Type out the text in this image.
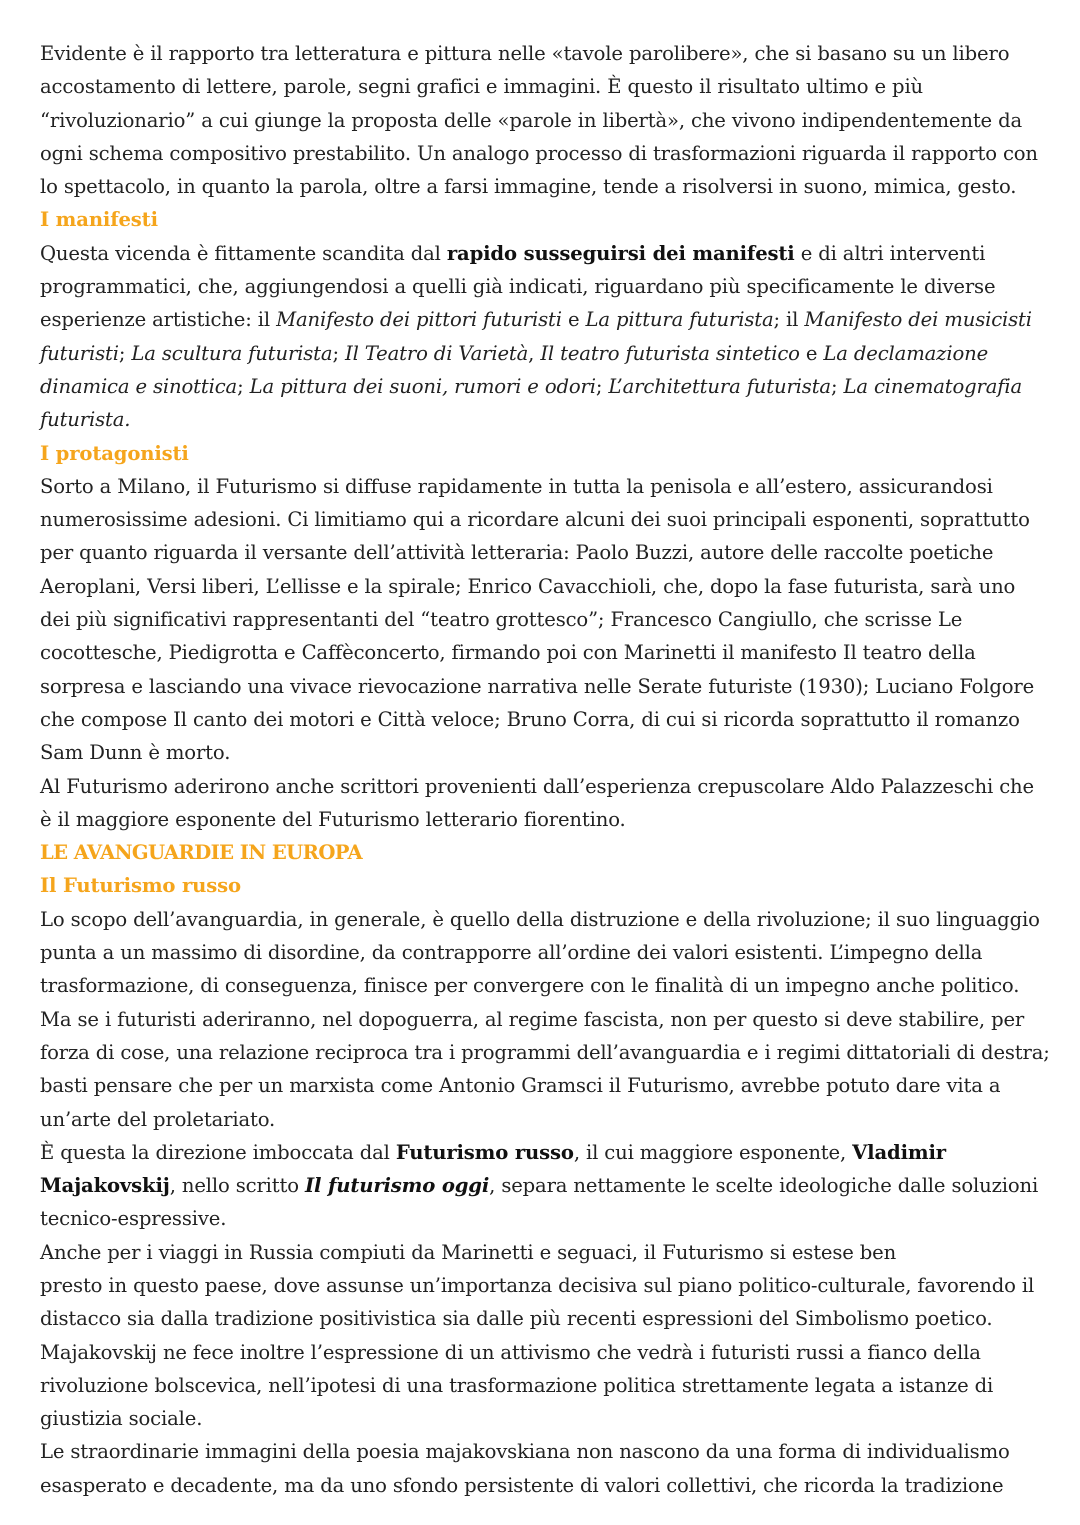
Evidente è il rapporto tra letteratura e pittura nelle «tavole parolibere», che si basano su un libero accostamento di lettere, parole, segni grafici e immagini. È questo il risultato ultimo e più “rivoluzionario” a cui giunge la proposta delle «parole in libertà», che vivono indipendentemente da ogni schema compositivo prestabilito. Un analogo processo di trasformazioni riguarda il rapporto con lo spettacolo, in quanto la parola, oltre a farsi immagine, tende a risolversi in suono, mimica, gesto.

I manifesti

Questa vicenda è fittamente scandita dal rapido susseguirsi dei manifesti e di altri interventi programmatici, che, aggiungendosi a quelli già indicati, riguardano più specificamente le diverse esperienze artistiche: il Manifesto dei pittori futuristi e La pittura futurista; il Manifesto dei musicisti futuristi; La scultura futurista; Il Teatro di Varietà, Il teatro futurista sintetico e La declamazione dinamica e sinottica; La pittura dei suoni, rumori e odori; L’architettura futurista; La cinematografia futurista.

I protagonisti

Sorto a Milano, il Futurismo si diffuse rapidamente in tutta la penisola e all’estero, assicurandosi numerosissime adesioni. Ci limitiamo qui a ricordare alcuni dei suoi principali esponenti, soprattutto per quanto riguarda il versante dell’attività letteraria: Paolo Buzzi, autore delle raccolte poetiche Aeroplani, Versi liberi, L’ellisse e la spirale; Enrico Cavacchioli, che, dopo la fase futurista, sarà uno dei più significativi rappresentanti del “teatro grottesco”; Francesco Cangiullo, che scrisse Le cocottesche, Piedigrotta e Caffèconcerto, firmando poi con Marinetti il manifesto Il teatro della sorpresa e lasciando una vivace rievocazione narrativa nelle Serate futuriste (1930); Luciano Folgore che compose Il canto dei motori e Città veloce; Bruno Corra, di cui si ricorda soprattutto il romanzo Sam Dunn è morto.

Al Futurismo aderirono anche scrittori provenienti dall’esperienza crepuscolare Aldo Palazzeschi che è il maggiore esponente del Futurismo letterario fiorentino.

LE AVANGUARDIE IN EUROPA

Il Futurismo russo

Lo scopo dell’avanguardia, in generale, è quello della distruzione e della rivoluzione; il suo linguaggio punta a un massimo di disordine, da contrapporre all’ordine dei valori esistenti. L’impegno della trasformazione, di conseguenza, finisce per convergere con le finalità di un impegno anche politico. Ma se i futuristi aderiranno, nel dopoguerra, al regime fascista, non per questo si deve stabilire, per forza di cose, una relazione reciproca tra i programmi dell’avanguardia e i regimi dittatoriali di destra; basti pensare che per un marxista come Antonio Gramsci il Futurismo, avrebbe potuto dare vita a un’arte del proletariato.

È questa la direzione imboccata dal Futurismo russo, il cui maggiore esponente, Vladimir Majakovskij, nello scritto Il futurismo oggi, separa nettamente le scelte ideologiche dalle soluzioni tecnico-espressive.

Anche per i viaggi in Russia compiuti da Marinetti e seguaci, il Futurismo si estese ben
presto in questo paese, dove assunse un’importanza decisiva sul piano politico-culturale, favorendo il distacco sia dalla tradizione positivistica sia dalle più recenti espressioni del Simbolismo poetico. Majakovskij ne fece inoltre l’espressione di un attivismo che vedrà i futuristi russi a fianco della rivoluzione bolscevica, nell’ipotesi di una trasformazione politica strettamente legata a istanze di giustizia sociale.

Le straordinarie immagini della poesia majakovskiana non nascono da una forma di individualismo esasperato e decadente, ma da uno sfondo persistente di valori collettivi, che ricorda la tradizione
